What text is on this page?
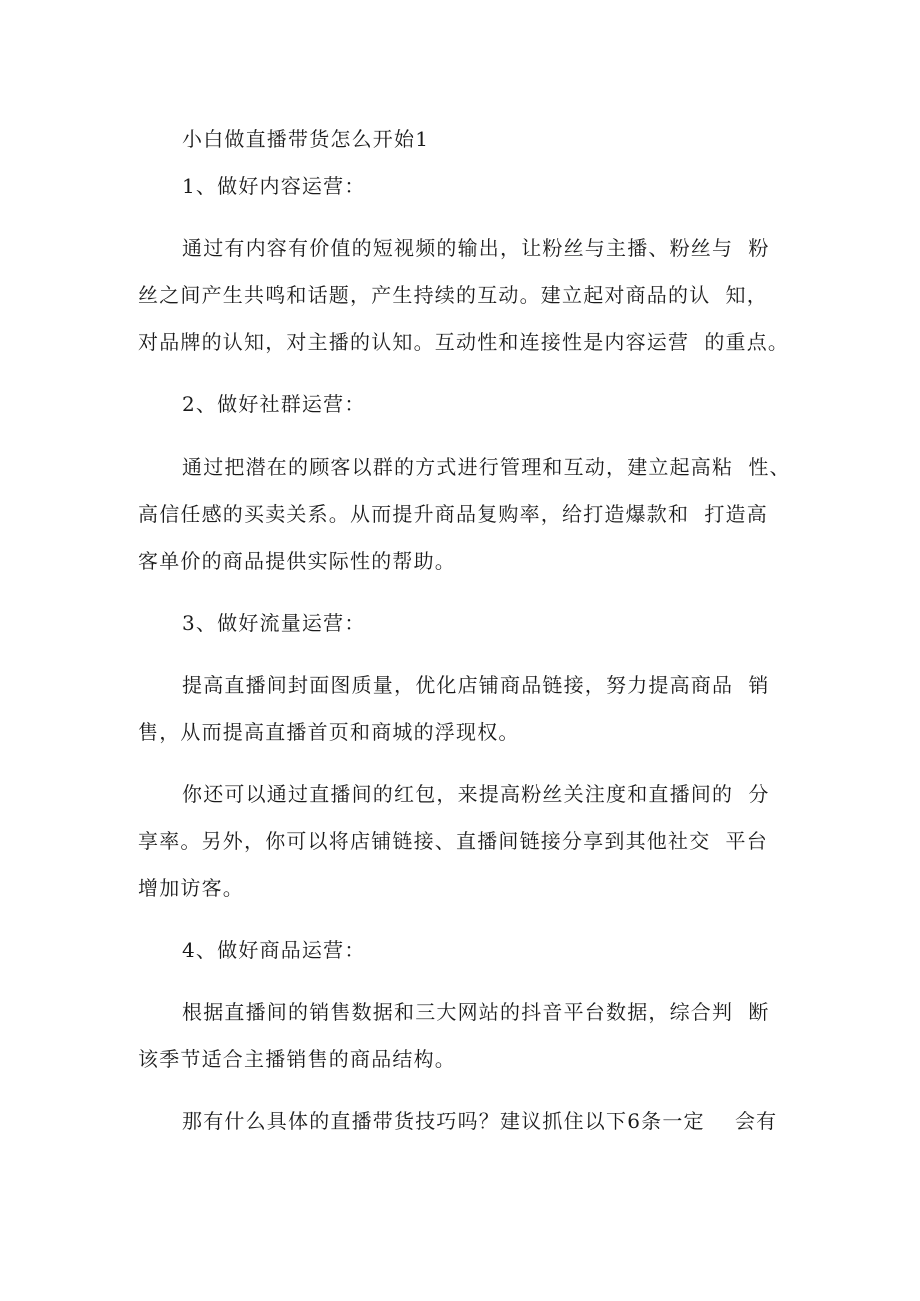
小白做直播带货怎么开始1
1、做好内容运营：
通过有内容有价值的短视频的输出，让粉丝与主播、粉丝与  粉
丝之间产生共鸣和话题，产生持续的互动。建立起对商品的认  知，
对品牌的认知，对主播的认知。互动性和连接性是内容运营  的重点。
2、做好社群运营：
通过把潜在的顾客以群的方式进行管理和互动，建立起高粘  性、
高信任感的买卖关系。从而提升商品复购率，给打造爆款和  打造高
客单价的商品提供实际性的帮助。
3、做好流量运营：
提高直播间封面图质量，优化店铺商品链接，努力提高商品  销
售，从而提高直播首页和商城的浮现权。
你还可以通过直播间的红包，来提高粉丝关注度和直播间的  分
享率。另外，你可以将店铺链接、直播间链接分享到其他社交  平台
增加访客。
4、做好商品运营：
根据直播间的销售数据和三大网站的抖音平台数据，综合判  断
该季节适合主播销售的商品结构。
那有什么具体的直播带货技巧吗？建议抓住以下6条一定    会有
